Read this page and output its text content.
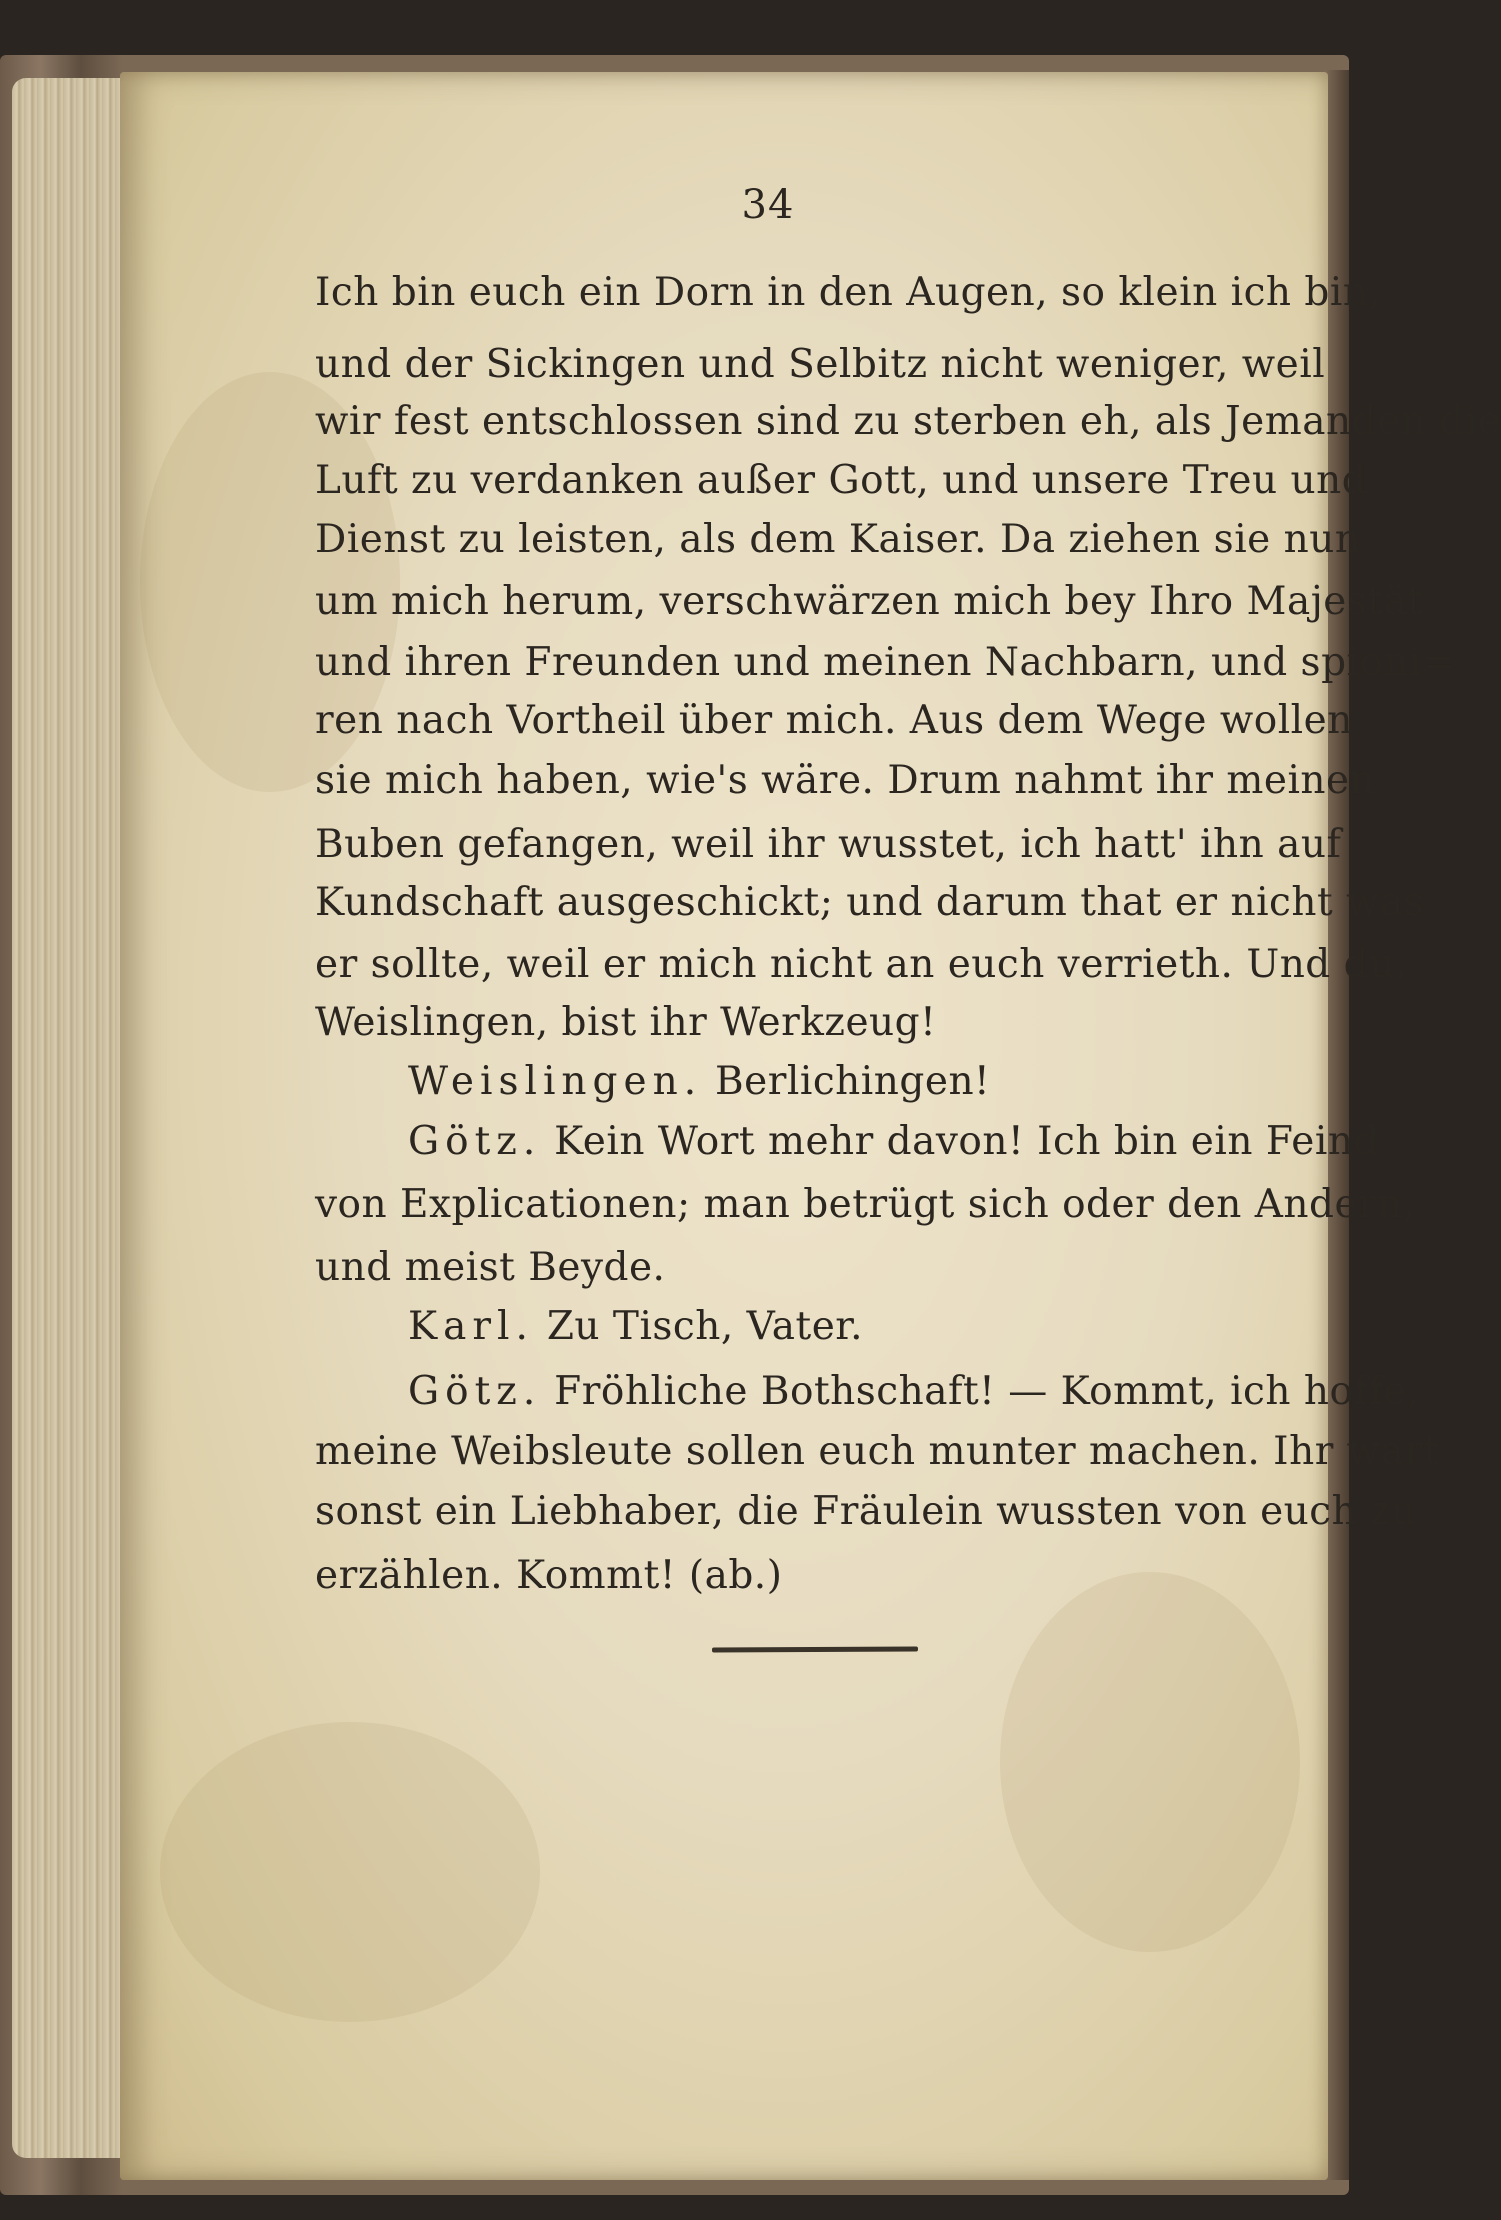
34
Ich bin euch ein Dorn in den Augen, so klein ich bin,
und der Sickingen und Selbitz nicht weniger, weil
wir fest entschlossen sind zu sterben eh, als Jemanden die
Luft zu verdanken außer Gott, und unsere Treu und
Dienst zu leisten, als dem Kaiser. Da ziehen sie nun
um mich herum, verschwärzen mich bey Ihro Majestät
und ihren Freunden und meinen Nachbarn, und spioni=
ren nach Vortheil über mich. Aus dem Wege wollen
sie mich haben, wie's wäre. Drum nahmt ihr meinen
Buben gefangen, weil ihr wusstet, ich hatt' ihn auf
Kundschaft ausgeschickt; und darum that er nicht was
er sollte, weil er mich nicht an euch verrieth. Und du,
Weislingen, bist ihr Werkzeug!
Weislingen. Berlichingen!
Götz. Kein Wort mehr davon! Ich bin ein Feind
von Explicationen; man betrügt sich oder den Andern,
und meist Beyde.
Karl. Zu Tisch, Vater.
Götz. Fröhliche Bothschaft! — Kommt, ich hoffe,
meine Weibsleute sollen euch munter machen. Ihr wart
sonst ein Liebhaber, die Fräulein wussten von euch zu
erzählen. Kommt! (ab.)
